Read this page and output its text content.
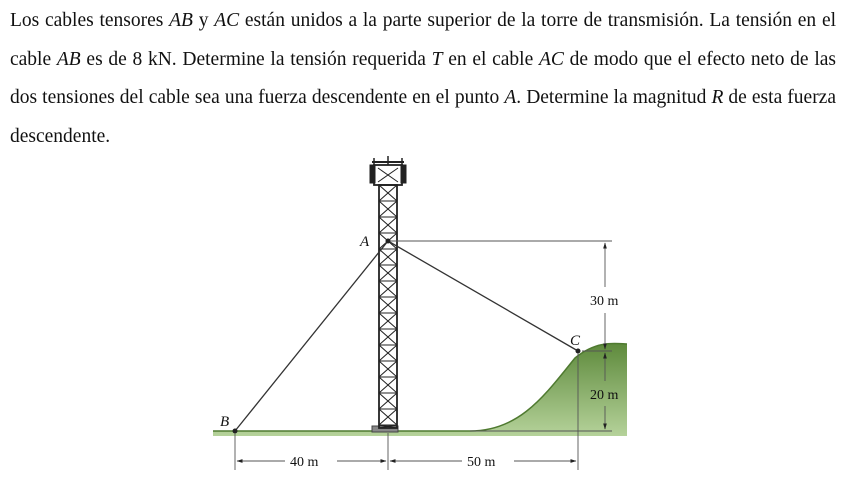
Los cables tensores AB y AC están unidos a la parte superior de la torre de transmisión. La tensión en el cable AB es de 8 kN. Determine la tensión requerida T en el cable AC de modo que el efecto neto de las dos tensiones del cable sea una fuerza descendente en el punto A. Determine la magnitud R de esta fuerza descendente.

A
B
C
30 m
20 m
40 m	50 m
